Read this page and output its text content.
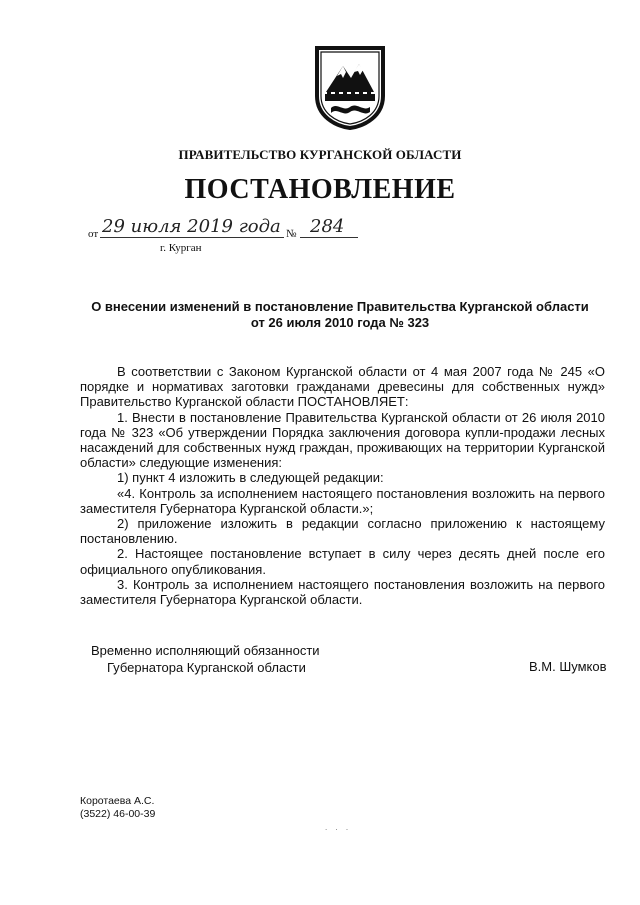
ПРАВИТЕЛЬСТВО КУРГАНСКОЙ ОБЛАСТИ
ПОСТАНОВЛЕНИЕ
от 29 июля 2019 года № 284
г. Курган
О внесении изменений в постановление Правительства Курганской области
от 26 июля 2010 года № 323

В соответствии с Законом Курганской области от 4 мая 2007 года № 245 «О порядке и нормативах заготовки гражданами древесины для собственных нужд» Правительство Курганской области ПОСТАНОВЛЯЕТ:

1. Внести в постановление Правительства Курганской области от 26 июля 2010 года № 323 «Об утверждении Порядка заключения договора купли-продажи лесных насаждений для собственных нужд граждан, проживающих на территории Курганской области» следующие изменения:

1) пункт 4 изложить в следующей редакции:

«4. Контроль за исполнением настоящего постановления возложить на первого заместителя Губернатора Курганской области.»;

2) приложение изложить в редакции согласно приложению к настоящему постановлению.

2. Настоящее постановление вступает в силу через десять дней после его официального опубликования.

3. Контроль за исполнением настоящего постановления возложить на первого заместителя Губернатора Курганской области.

Временно исполняющий обязанности
Губернатора Курганской области	В.М. Шумков
Коротаева А.С.
(3522) 46-00-39
. . .
